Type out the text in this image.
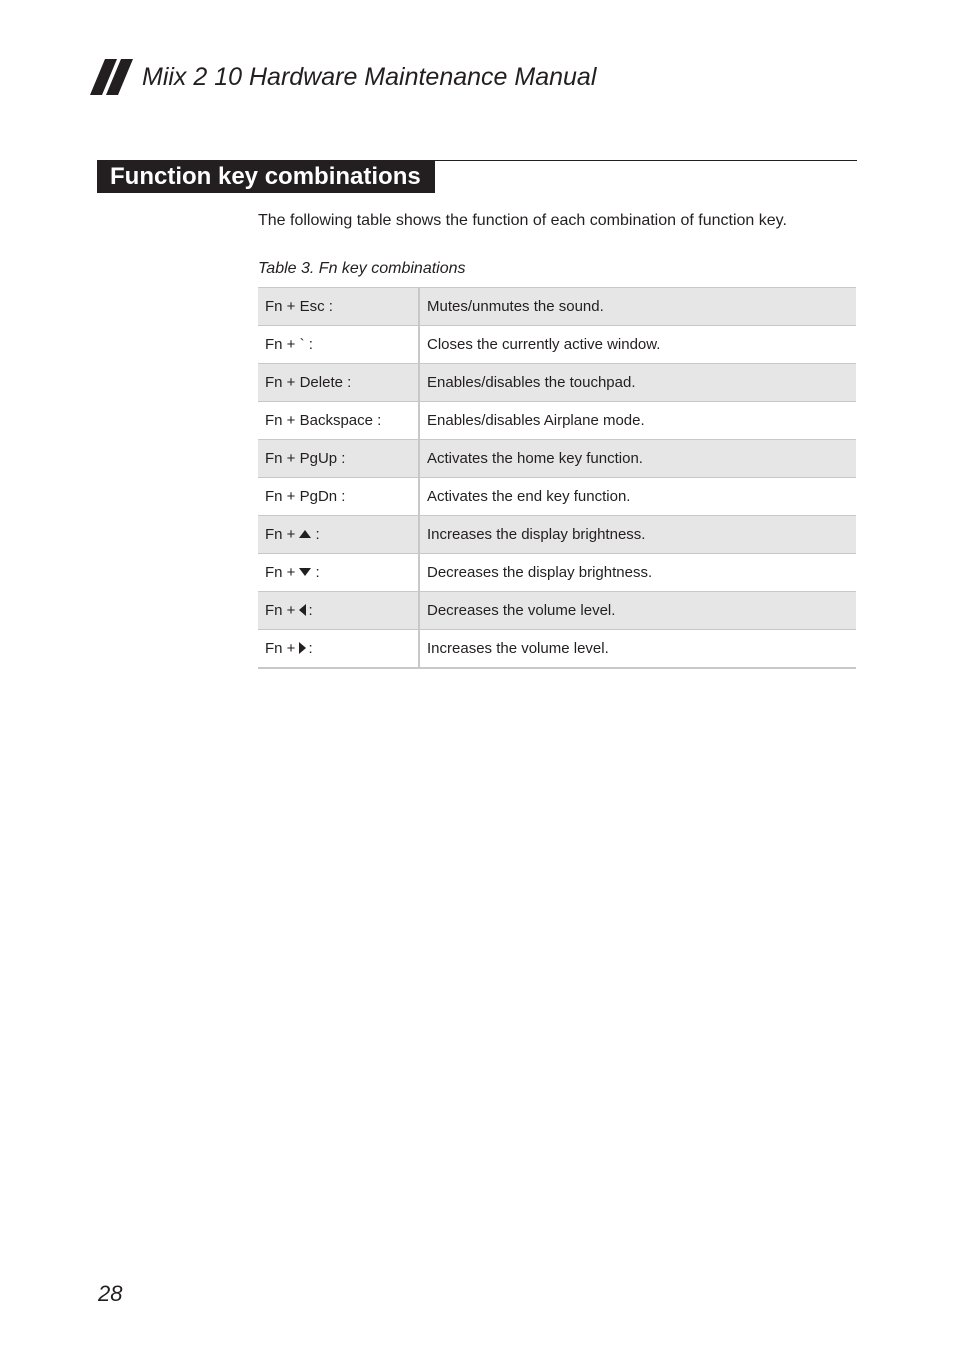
Miix 2 10 Hardware Maintenance Manual
Function key combinations
The following table shows the function of each combination of function key.
Table 3. Fn key combinations
Fn + Esc :	Mutes/unmutes the sound.
Fn + ` :	Closes the currently active window.
Fn + Delete :	Enables/disables the touchpad.
Fn + Backspace :	Enables/disables Airplane mode.
Fn + PgUp :	Activates the home key function.
Fn + PgDn :	Activates the end key function.
Fn + :	Increases the display brightness.
Fn + :	Decreases the display brightness.
Fn + :	Decreases the volume level.
Fn + :	Increases the volume level.
28
